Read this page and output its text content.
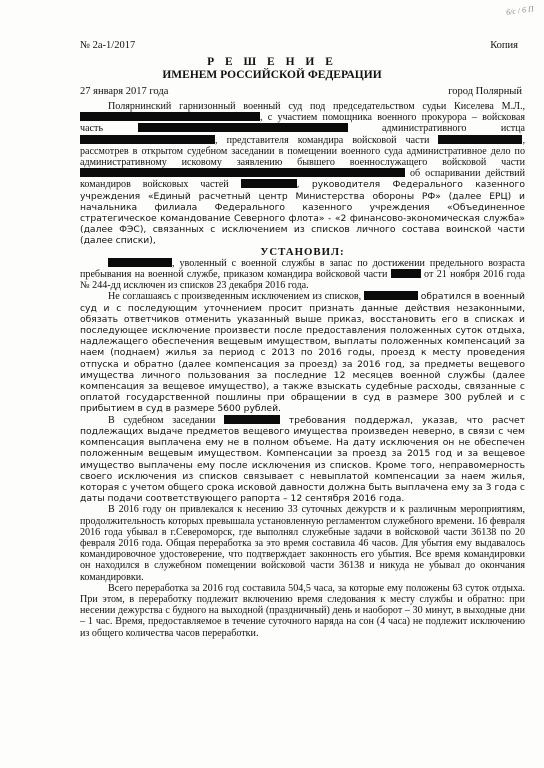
6/с / 6 П
№ 2а-1/2017	Копия
Р Е Ш Е Н И Е
ИМЕНЕМ РОССИЙСКОЙ ФЕДЕРАЦИИ
27 января 2017 года	город Полярный

Полярнинский гарнизонный военный суд под председательством судьи Киселева М.Л., , с участием помощника военного прокурора – войсковая часть	административного истца , представителя командира войсковой части	, рассмотрев в открытом судебном заседании в помещении военного суда административное дело по административному исковому заявлению бывшего военнослужащего войсковой части  об оспаривании действий командиров войсковых частей	, руководителя Федерального казенного учреждения «Единый расчетный центр Министерства обороны РФ» (далее ЕРЦ) и начальника филиала Федерального казенного учреждения «Объединенное стратегическое командование Северного флота» - «2 финансово-экономическая служба» (далее ФЭС), связанных с исключением из списков личного состава воинской части (далее списки),

УСТАНОВИЛ:

, уволенный с военной службы в запас по достижении предельного возраста пребывания на военной службе, приказом командира войсковой части	от 21 ноября 2016 года № 244-дд исключен из списков 23 декабря 2016 года.

Не соглашаясь с произведенным исключением из списков,	обратился в военный суд и с последующим уточнением просит признать данные действия незаконными, обязать ответчиков отменить указанный выше приказ, восстановить его в списках и последующее исключение произвести после предоставления положенных суток отдыха, надлежащего обеспечения вещевым имуществом, выплаты положенных компенсаций за наем (поднаем) жилья за период с 2013 по 2016 годы, проезд к месту проведения отпуска и обратно (далее компенсация за проезд) за 2016 год, за предметы вещевого имущества личного пользования за последние 12 месяцев военной службы (далее компенсация за вещевое имущество), а также взыскать судебные расходы, связанные с оплатой государственной пошлины при обращении в суд в размере 300 рублей и с прибытием в суд в размере 5600 рублей.

В судебном заседании	требования поддержал, указав, что расчет подлежащих выдаче предметов вещевого имущества произведен неверно, в связи с чем компенсация выплачена ему не в полном объеме. На дату исключения он не обеспечен положенным вещевым имуществом. Компенсации за проезд за 2015 год и за вещевое имущество выплачены ему после исключения из списков. Кроме того, неправомерность своего исключения из списков связывает с невыплатой компенсации за наем жилья, которая с учетом общего срока исковой давности должна быть выплачена ему за 3 года с даты подачи соответствующего рапорта – 12 сентября 2016 года.

В 2016 году он привлекался к несению 33 суточных дежурств и к различным мероприятиям, продолжительность которых превышала установленную регламентом служебного времени. 16 февраля 2016 года убывал в г.Североморск, где выполнял служебные задачи в войсковой части 36138 по 20 февраля 2016 года. Общая переработка за это время составила 46 часов. Для убытия ему выдавалось командировочное удостоверение, что подтверждает законность его убытия. Все время командировки он находился в служебном помещении войсковой части 36138 и никуда не убывал до окончания командировки.

Всего переработка за 2016 год составила 504,5 часа, за которые ему положены 63 суток отдыха. При этом, в переработку подлежит включению время следования к месту службы и обратно: при несении дежурства с будного на выходной (праздничный) день и наоборот – 30 минут, в выходные дни – 1 час. Время, предоставляемое в течение суточного наряда на сон (4 часа) не подлежит исключению из общего количества часов переработки.
